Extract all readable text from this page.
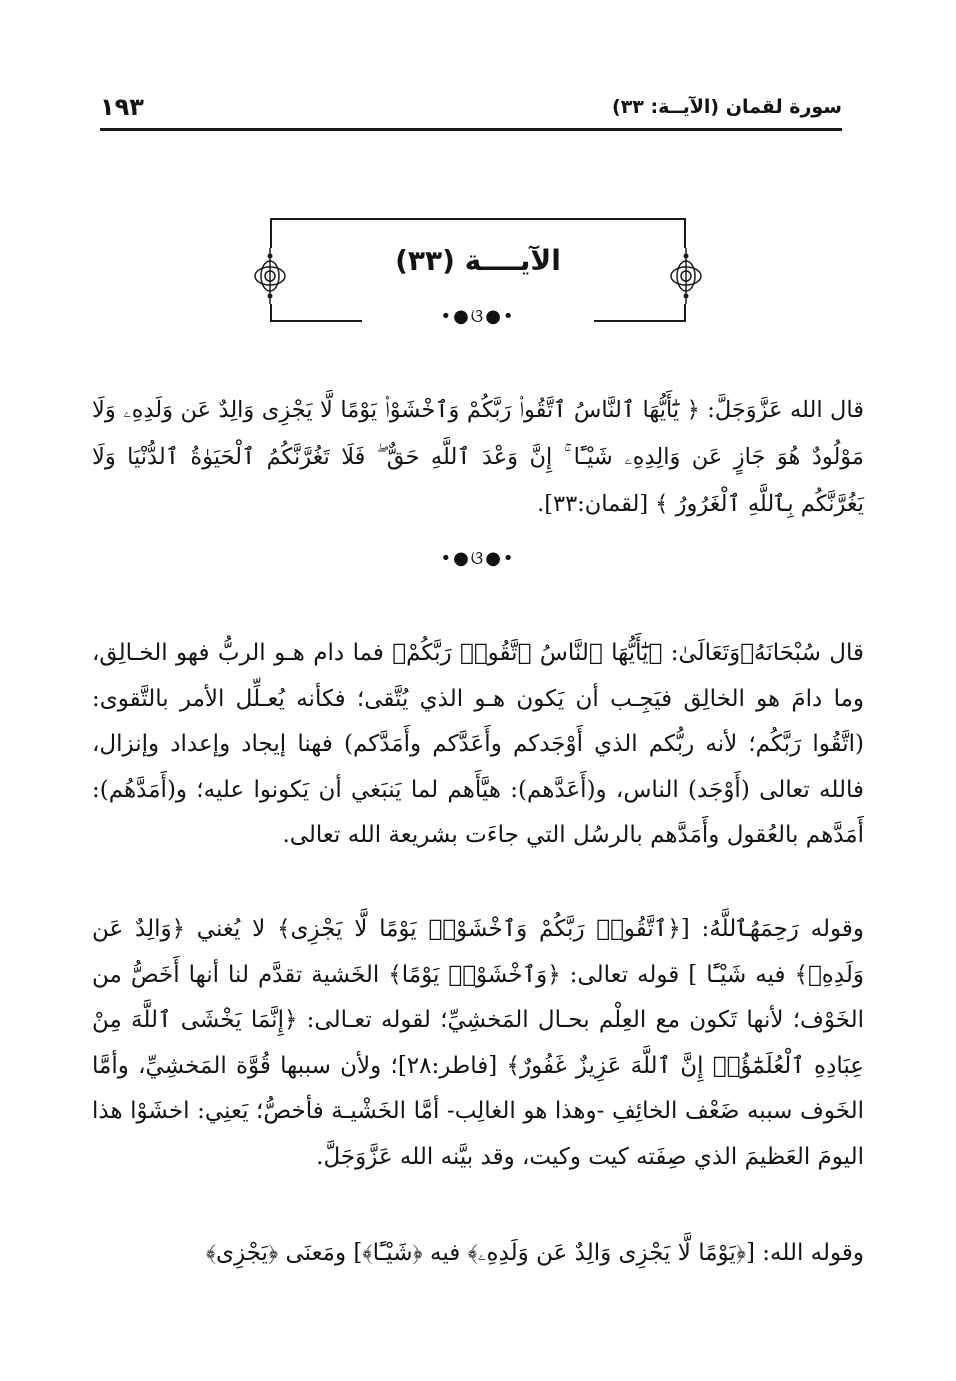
١٩٣	سورة لقمان (الآيــة: ٣٣)
الآيــــة (٣٣)
•●ଓ●•

قال الله عَزَّوَجَلَّ: ﴿ يَٰٓأَيُّهَا ٱلنَّاسُ ٱتَّقُوا۟ رَبَّكُمْ وَٱخْشَوْا۟ يَوْمًا لَّا يَجْزِى وَالِدٌ عَن وَلَدِهِۦ وَلَا مَوْلُودٌ هُوَ جَازٍ عَن وَالِدِهِۦ شَيْـًٔا ۚ إِنَّ وَعْدَ ٱللَّهِ حَقٌّ ۖ فَلَا تَغُرَّنَّكُمُ ٱلْحَيَوٰةُ ٱلدُّنْيَا وَلَا يَغُرَّنَّكُم بِٱللَّهِ ٱلْغَرُورُ ﴾ [لقمان:٣٣].

•●ଓ●•

قال سُبْحَانَهُۥوَتَعَالَىٰ: ﴿يَٰٓأَيُّهَا ٱلنَّاسُ ٱتَّقُوا۟ رَبَّكُمْ﴾ فما دام هـو الربُّ فهو الخـالِق، وما دامَ هو الخالِق فيَجِـب أن يَكون هـو الذي يُتَّقى؛ فكأنه يُعـلِّل الأمر بالتَّقوى: (اتَّقُوا رَبَّكُم؛ لأنه ربُّكم الذي أَوْجَدكم وأَعَدَّكم وأَمَدَّكم) فهنا إيجاد وإعداد وإنزال، فالله تعالى (أَوْجَد) الناس، و(أَعَدَّهم): هيَّأَهم لما يَنبَغي أن يَكونوا عليه؛ و(أَمَدَّهُم): أَمَدَّهم بالعُقول وأَمَدَّهم بالرسُل التي جاءَت بشريعة الله تعالى.

وقوله رَحِمَهُٱللَّهُ: [﴿ٱتَّقُوا۟ رَبَّكُمْ وَٱخْشَوْا۟ يَوْمًا لَّا يَجْزِى﴾ لا يُغني ﴿وَالِدٌ عَن وَلَدِهِۦ﴾ فيه شَيْـًٔا ] قوله تعالى: ﴿وَٱخْشَوْا۟ يَوْمًا﴾ الخَشية تقدَّم لنا أنها أَخَصُّ من الخَوْف؛ لأنها تَكون مع العِلْم بحـال المَخشِيِّ؛ لقوله تعـالى: ﴿إِنَّمَا يَخْشَى ٱللَّهَ مِنْ عِبَادِهِ ٱلْعُلَمَٰٓؤُا۟ إِنَّ ٱللَّهَ عَزِيزٌ غَفُورٌ﴾ [فاطر:٢٨]؛ ولأن سببها قُوَّة المَخشِيِّ، وأمَّا الخَوف سببه ضَعْف الخائِفِ -وهذا هو الغالِب- أمَّا الخَشْيـة فأخصُّ؛ يَعنِي: اخشَوْا هذا اليومَ العَظيمَ الذي صِفَته كيت وكيت، وقد بيَّنه الله عَزَّوَجَلَّ.

وقوله الله: [﴿يَوْمًا لَّا يَجْزِى وَالِدٌ عَن وَلَدِهِۦ﴾ فيه ﴿شَيْـًٔا﴾] ومَعنَى ﴿يَجْزِى﴾
